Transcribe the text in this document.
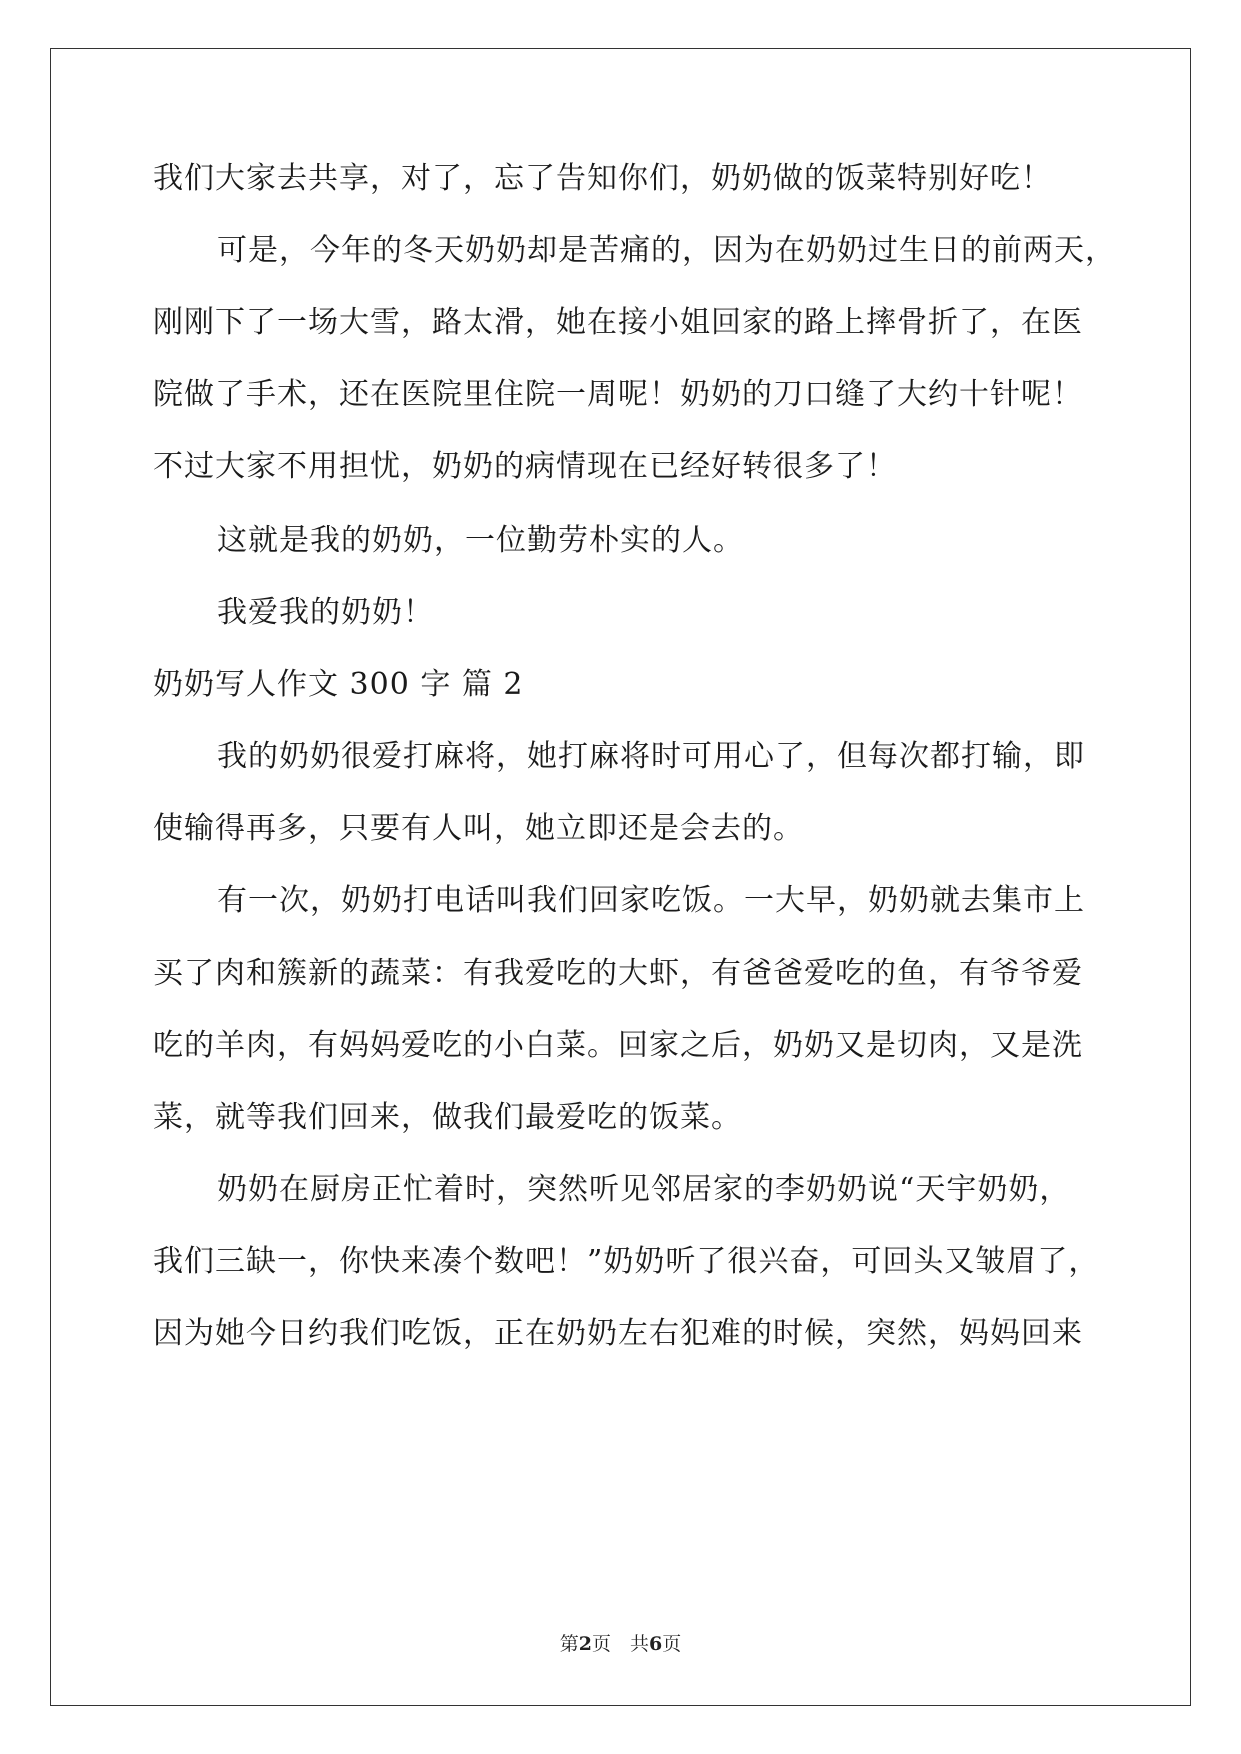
我们大家去共享，对了，忘了告知你们，奶奶做的饭菜特别好吃！
可是，今年的冬天奶奶却是苦痛的，因为在奶奶过生日的前两天，
刚刚下了一场大雪，路太滑，她在接小姐回家的路上摔骨折了，在医
院做了手术，还在医院里住院一周呢！奶奶的刀口缝了大约十针呢！
不过大家不用担忧，奶奶的病情现在已经好转很多了！
这就是我的奶奶，一位勤劳朴实的人。
我爱我的奶奶！
奶奶写人作文 300 字 篇 2
我的奶奶很爱打麻将，她打麻将时可用心了，但每次都打输，即
使输得再多，只要有人叫，她立即还是会去的。
有一次，奶奶打电话叫我们回家吃饭。一大早，奶奶就去集市上
买了肉和簇新的蔬菜：有我爱吃的大虾，有爸爸爱吃的鱼，有爷爷爱
吃的羊肉，有妈妈爱吃的小白菜。回家之后，奶奶又是切肉，又是洗
菜，就等我们回来，做我们最爱吃的饭菜。
奶奶在厨房正忙着时，突然听见邻居家的李奶奶说“天宇奶奶，
我们三缺一，你快来凑个数吧！”奶奶听了很兴奋，可回头又皱眉了，
因为她今日约我们吃饭，正在奶奶左右犯难的时候，突然，妈妈回来
第2页　共6页
